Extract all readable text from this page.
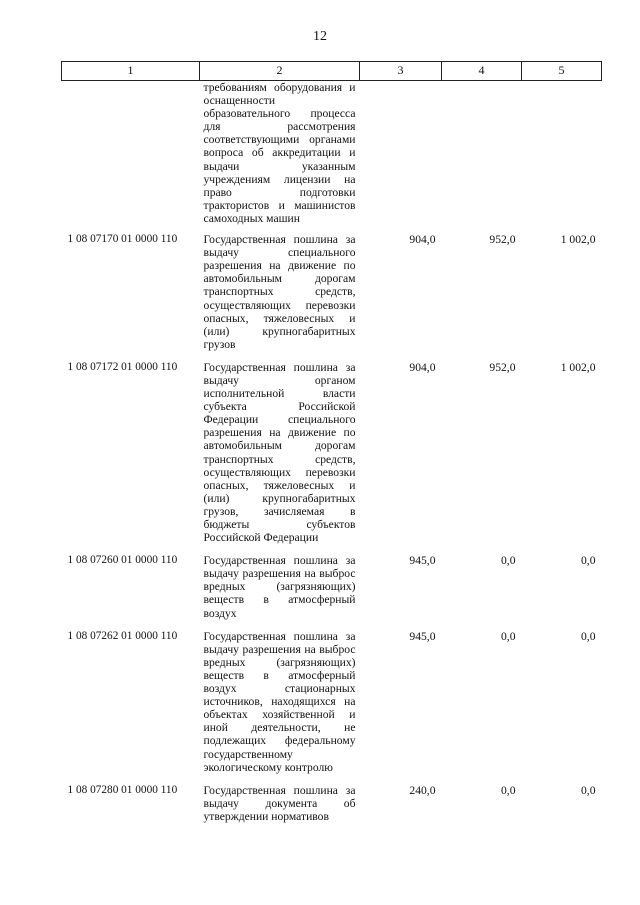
12
1	2	3	4	5
	требованиям оборудования и оснащенности образовательного процесса для рассмотрения соответствующими органами вопроса об аккредитации и выдачи указанным учреждениям лицензии на право подготовки трактористов и машинистов самоходных машин			
1 08 07170 01 0000 110	Государственная пошлина за выдачу специального разрешения на движение по автомобильным дорогам транспортных средств, осуществляющих перевозки опасных, тяжеловесных и (или) крупногабаритных грузов	904,0	952,0	1 002,0
1 08 07172 01 0000 110	Государственная пошлина за выдачу органом исполнительной власти субъекта Российской Федерации специального разрешения на движение по автомобильным дорогам транспортных средств, осуществляющих перевозки опасных, тяжеловесных и (или) крупногабаритных грузов, зачисляемая в бюджеты субъектов Российской Федерации	904,0	952,0	1 002,0
1 08 07260 01 0000 110	Государственная пошлина за выдачу разрешения на выброс вредных (загрязняющих) веществ в атмосферный воздух	945,0	0,0	0,0
1 08 07262 01 0000 110	Государственная пошлина за выдачу разрешения на выброс вредных (загрязняющих) веществ в атмосферный воздух стационарных источников, находящихся на объектах хозяйственной и иной деятельности, не подлежащих федеральному государственному экологическому контролю	945,0	0,0	0,0
1 08 07280 01 0000 110	Государственная пошлина за выдачу документа об утверждении нормативов	240,0	0,0	0,0
